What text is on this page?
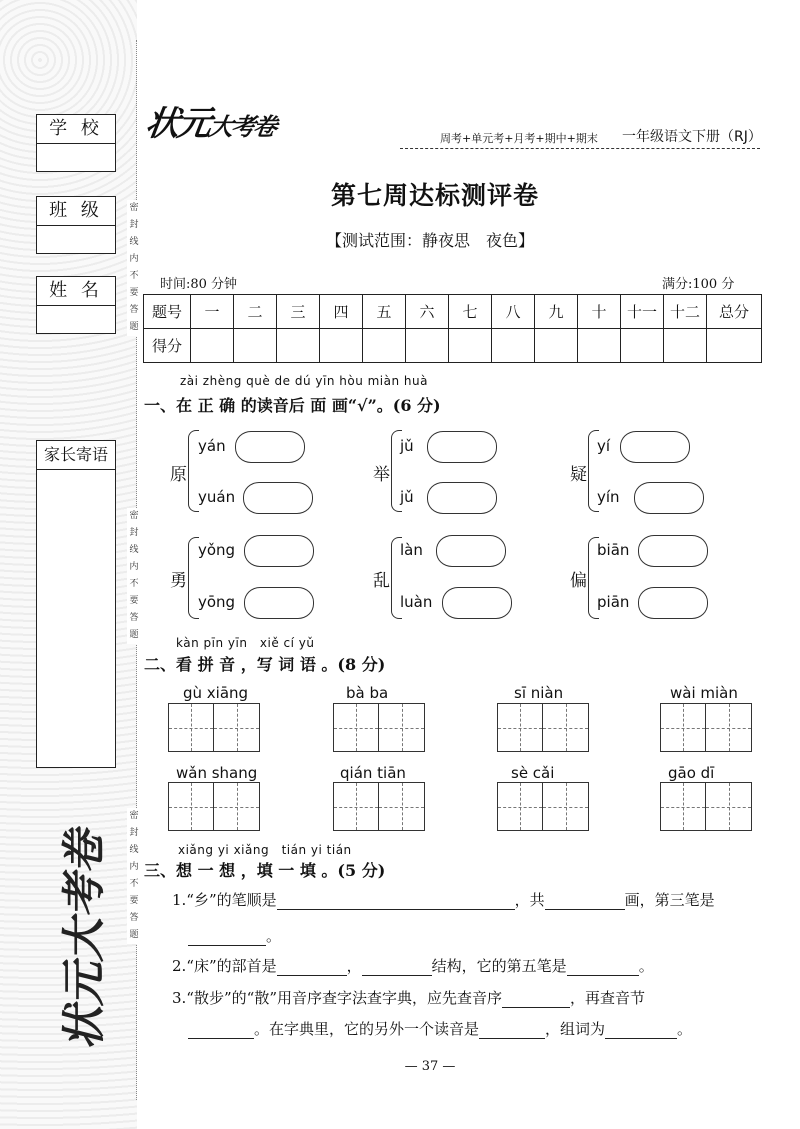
学 校
班 级
姓 名
家长寄语
密
封
线
内
不
要
答
题
密
封
线
内
不
要
答
题
密
封
线
内
不
要
答
题
状元大考卷
状元大考卷	周考+单元考+月考+期中+期末 一年级语文下册（RJ）
第七周达标测评卷
【测试范围：静夜思　夜色】
时间:80 分钟	满分:100 分
题号	一	二	三	四	五	六	七	八	九	十	十一	十二	总分
得分													
zài zhèng què de dú yīn hòu miàn huà
一、在 正 确 的读音后 面 画“√”。(6 分)
原
yán
yuán
举
jǔ
jǔ
疑
yí
yín
勇
yǒng
yōng
乱
làn
luàn
偏
biān
piān
kàn pīn yīn　xiě cí yǔ
二、看 拼 音 ，写 词 语 。(8 分)
gù xiāng	bà ba	sī niàn	wài miàn
wǎn shang	qián tiān	sè cǎi	gāo dī
xiǎng yi xiǎng　tián yi tián
三、想 一 想 ，填 一 填 。(5 分)
1.“乡”的笔顺是	，共	画，第三笔是
。
2.“床”的部首是	，	结构，它的第五笔是	。
3.“散步”的“散”用音序查字法查字典，应先查音序	，再查音节
。在字典里，它的另外一个读音是	，组词为	。
— 37 —
